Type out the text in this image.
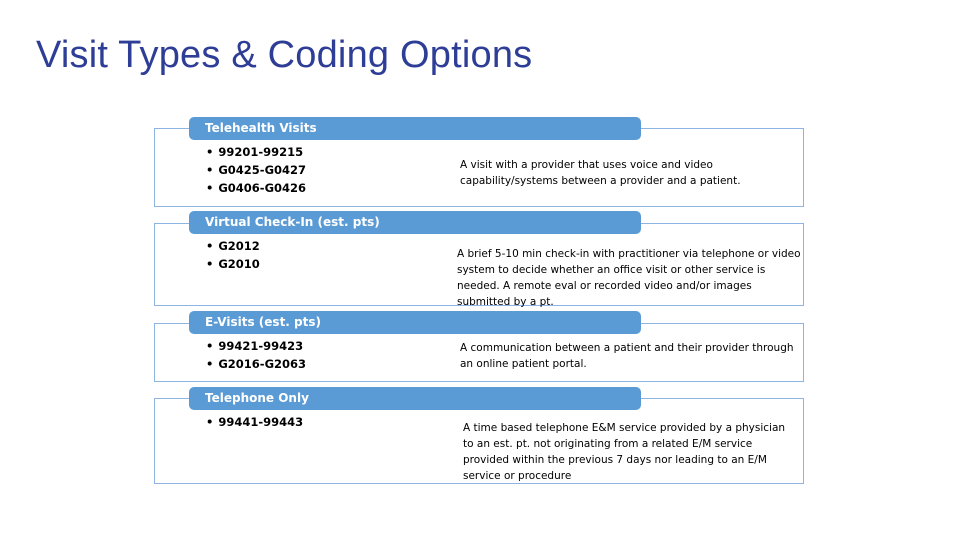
Visit Types & Coding Options
Telehealth Visits
• 99201-99215
• G0425-G0427
• G0406-G0426

A visit with a provider that uses voice and video capability/systems between a provider and a patient.

Virtual Check-In (est. pts)
• G2012
• G2010

A brief 5-10 min check-in with practitioner via telephone or video system to decide whether an office visit or other service is needed. A remote eval or recorded video and/or images submitted by a pt.

E-Visits (est. pts)
• 99421-99423
• G2016-G2063

A communication between a patient and their provider through an online patient portal.

Telephone Only
• 99441-99443	A time based telephone E&M service provided by a physician to an est. pt. not originating from a related E/M service provided within the previous 7 days nor leading to an E/M service or procedure
